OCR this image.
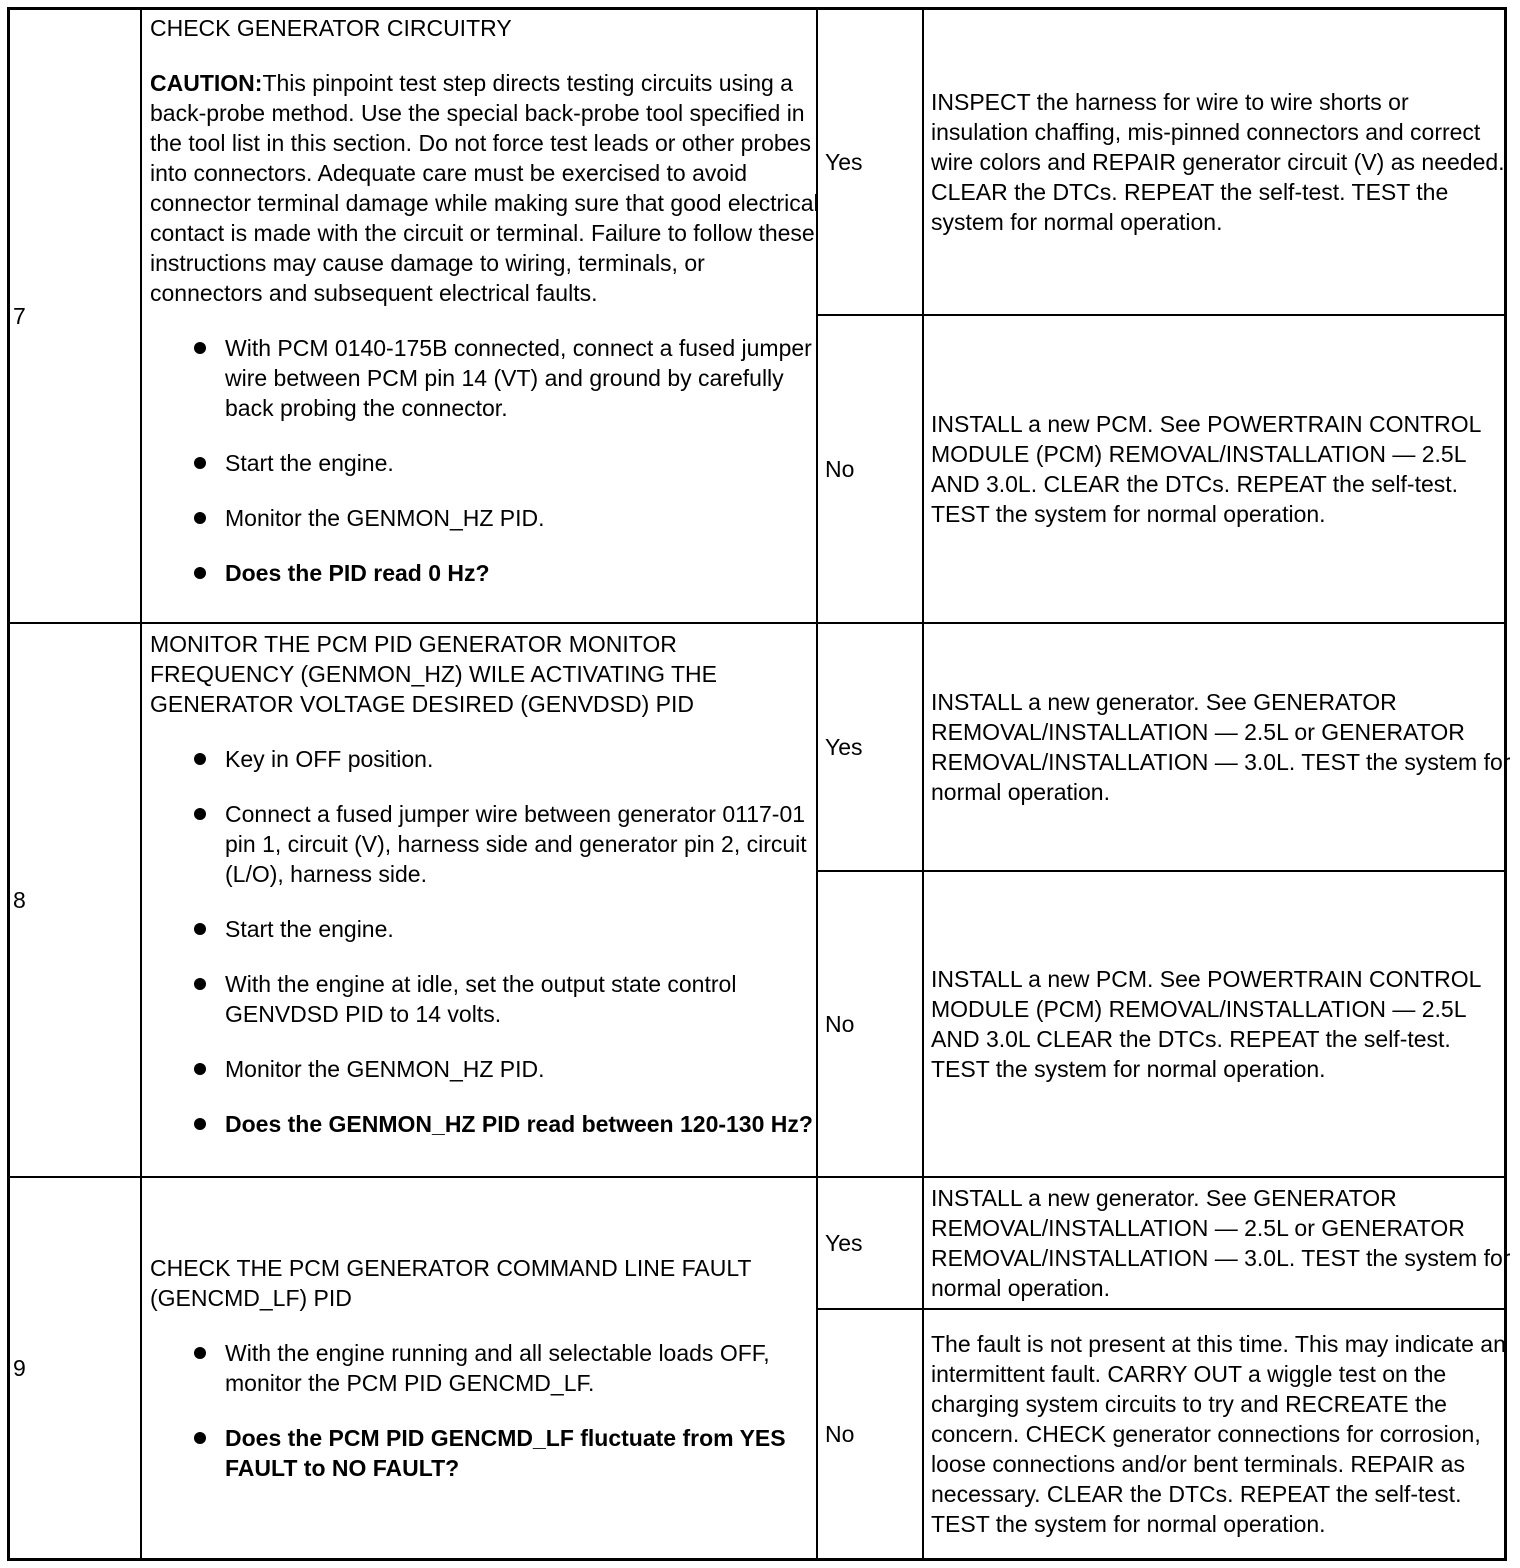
7
CHECK GENERATOR CIRCUITRY
CAUTION:This pinpoint test step directs testing circuits using a back-probe method. Use the special back-probe tool specified in the tool list in this section. Do not force test leads or other probes into connectors. Adequate care must be exercised to avoid connector terminal damage while making sure that good electrical contact is made with the circuit or terminal. Failure to follow these instructions may cause damage to wiring, terminals, or connectors and subsequent electrical faults.
With PCM 0140-175B connected, connect a fused jumper wire between PCM pin 14 (VT) and ground by carefully back probing the connector.
Start the engine.
Monitor the GENMON_HZ PID.
Does the PID read 0 Hz?
Yes
INSPECT the harness for wire to wire shorts or insulation chaffing, mis-pinned connectors and correct wire colors and REPAIR generator circuit (V) as needed. CLEAR the DTCs. REPEAT the self-test. TEST the system for normal operation.
No
INSTALL a new PCM. See POWERTRAIN CONTROL MODULE (PCM) REMOVAL/INSTALLATION — 2.5L AND 3.0L. CLEAR the DTCs. REPEAT the self-test. TEST the system for normal operation.
8
MONITOR THE PCM PID GENERATOR MONITOR FREQUENCY (GENMON_HZ) WILE ACTIVATING THE GENERATOR VOLTAGE DESIRED (GENVDSD) PID
Key in OFF position.
Connect a fused jumper wire between generator 0117-01 pin 1, circuit (V), harness side and generator pin 2, circuit (L/O), harness side.
Start the engine.
With the engine at idle, set the output state control GENVDSD PID to 14 volts.
Monitor the GENMON_HZ PID.
Does the GENMON_HZ PID read between 120-130 Hz?
Yes
INSTALL a new generator. See GENERATOR REMOVAL/INSTALLATION — 2.5L or GENERATOR REMOVAL/INSTALLATION — 3.0L. TEST the system for normal operation.
No
INSTALL a new PCM. See POWERTRAIN CONTROL MODULE (PCM) REMOVAL/INSTALLATION — 2.5L AND 3.0L CLEAR the DTCs. REPEAT the self-test. TEST the system for normal operation.
9
CHECK THE PCM GENERATOR COMMAND LINE FAULT (GENCMD_LF) PID
With the engine running and all selectable loads OFF, monitor the PCM PID GENCMD_LF.
Does the PCM PID GENCMD_LF fluctuate from YES FAULT to NO FAULT?
Yes
INSTALL a new generator. See GENERATOR REMOVAL/INSTALLATION — 2.5L or GENERATOR REMOVAL/INSTALLATION — 3.0L. TEST the system for normal operation.
No
The fault is not present at this time. This may indicate an intermittent fault. CARRY OUT a wiggle test on the charging system circuits to try and RECREATE the concern. CHECK generator connections for corrosion, loose connections and/or bent terminals. REPAIR as necessary. CLEAR the DTCs. REPEAT the self-test. TEST the system for normal operation.
